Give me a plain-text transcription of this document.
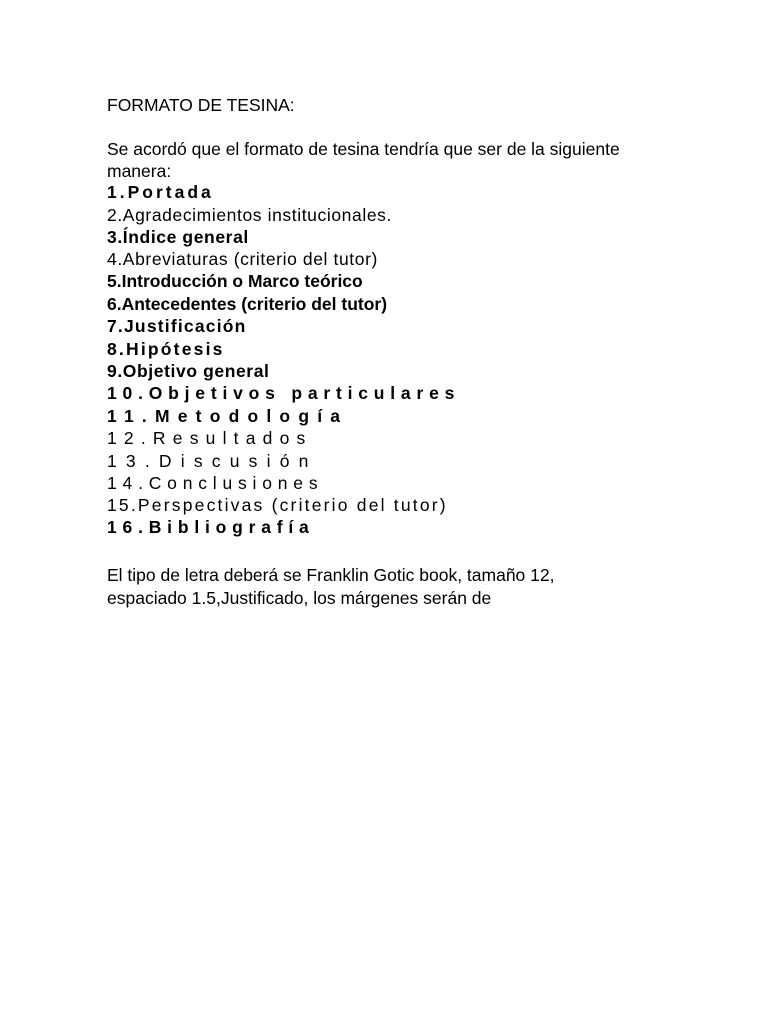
FORMATO DE TESINA:
Se acordó que el formato de tesina tendría que ser de la siguiente
manera:
1.Portada
2.Agradecimientos institucionales.
3.Índice general
4.Abreviaturas (criterio del tutor)
5.Introducción o Marco teórico
6.Antecedentes (criterio del tutor)
7.Justificación
8.Hipótesis
9.Objetivo general
10.Objetivos particulares
11.Metodología
12.Resultados
13.Discusión
14.Conclusiones
15.Perspectivas (criterio del tutor)
16.Bibliografía
El tipo de letra deberá se Franklin Gotic book, tamaño 12,
espaciado 1.5,Justificado, los márgenes serán de
